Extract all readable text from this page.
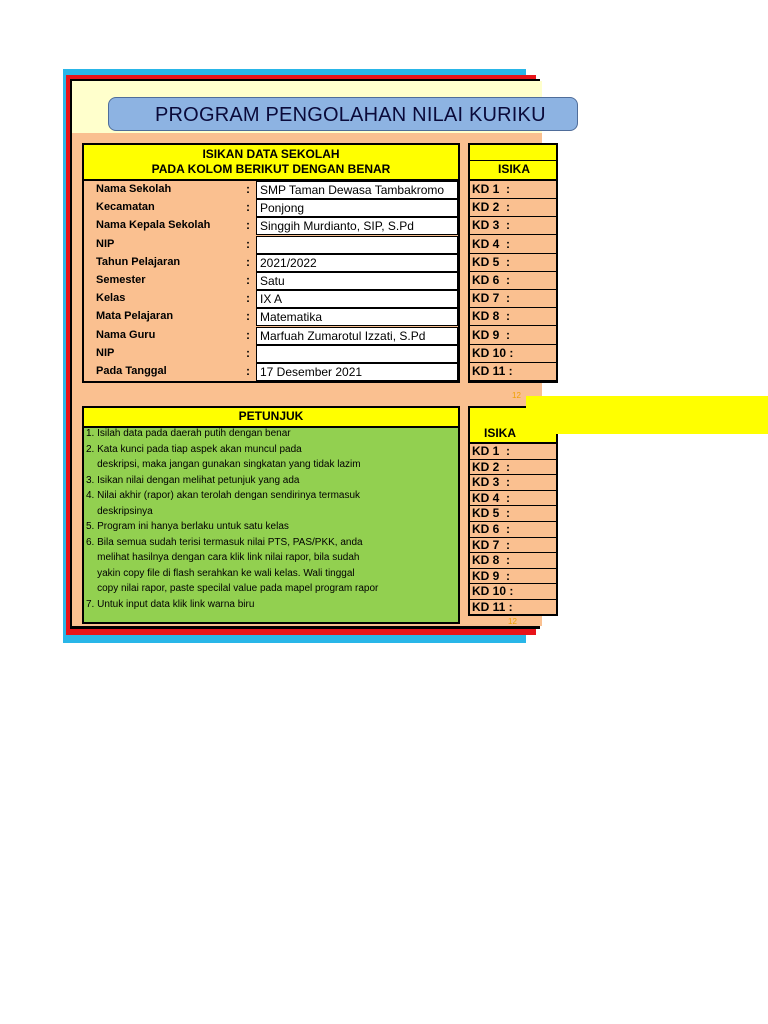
PROGRAM PENGOLAHAN NILAI KURIKU
ISIKAN DATA SEKOLAH
PADA KOLOM BERIKUT DENGAN BENAR
Nama Sekolah	: SMP Taman Dewasa Tambakromo
Kecamatan	: Ponjong
Nama Kepala Sekolah	: Singgih Murdianto, SIP, S.Pd
NIP	:
Tahun Pelajaran	: 2021/2022
Semester	: Satu
Kelas	: IX A
Mata Pelajaran	: Matematika
Nama Guru	: Marfuah Zumarotul Izzati, S.Pd
NIP	:
Pada Tanggal	: 17 Desember 2021
ISIKA
KD 1  :
KD 2  :
KD 3  :
KD 4  :
KD 5  :
KD 6  :
KD 7  :
KD 8  :
KD 9  :
KD 10 :
KD 11 :
12
PETUNJUK
1. Isilah data pada daerah putih dengan benar
2. Kata kunci pada tiap aspek akan muncul pada
deskripsi, maka jangan gunakan singkatan yang tidak lazim
3. Isikan nilai dengan melihat petunjuk yang ada
4. Nilai akhir (rapor) akan terolah dengan sendirinya termasuk
deskripsinya
5. Program ini hanya berlaku untuk satu kelas
6. Bila semua sudah terisi termasuk nilai PTS, PAS/PKK, anda
melihat hasilnya dengan cara klik link nilai rapor, bila sudah
yakin copy file di flash serahkan ke wali kelas. Wali tinggal
copy nilai rapor, paste specilal value pada mapel program rapor
7. Untuk input data klik link warna biru
ISIKA
KD 1  :
KD 2  :
KD 3  :
KD 4  :
KD 5  :
KD 6  :
KD 7  :
KD 8  :
KD 9  :
KD 10 :
KD 11 :
12
